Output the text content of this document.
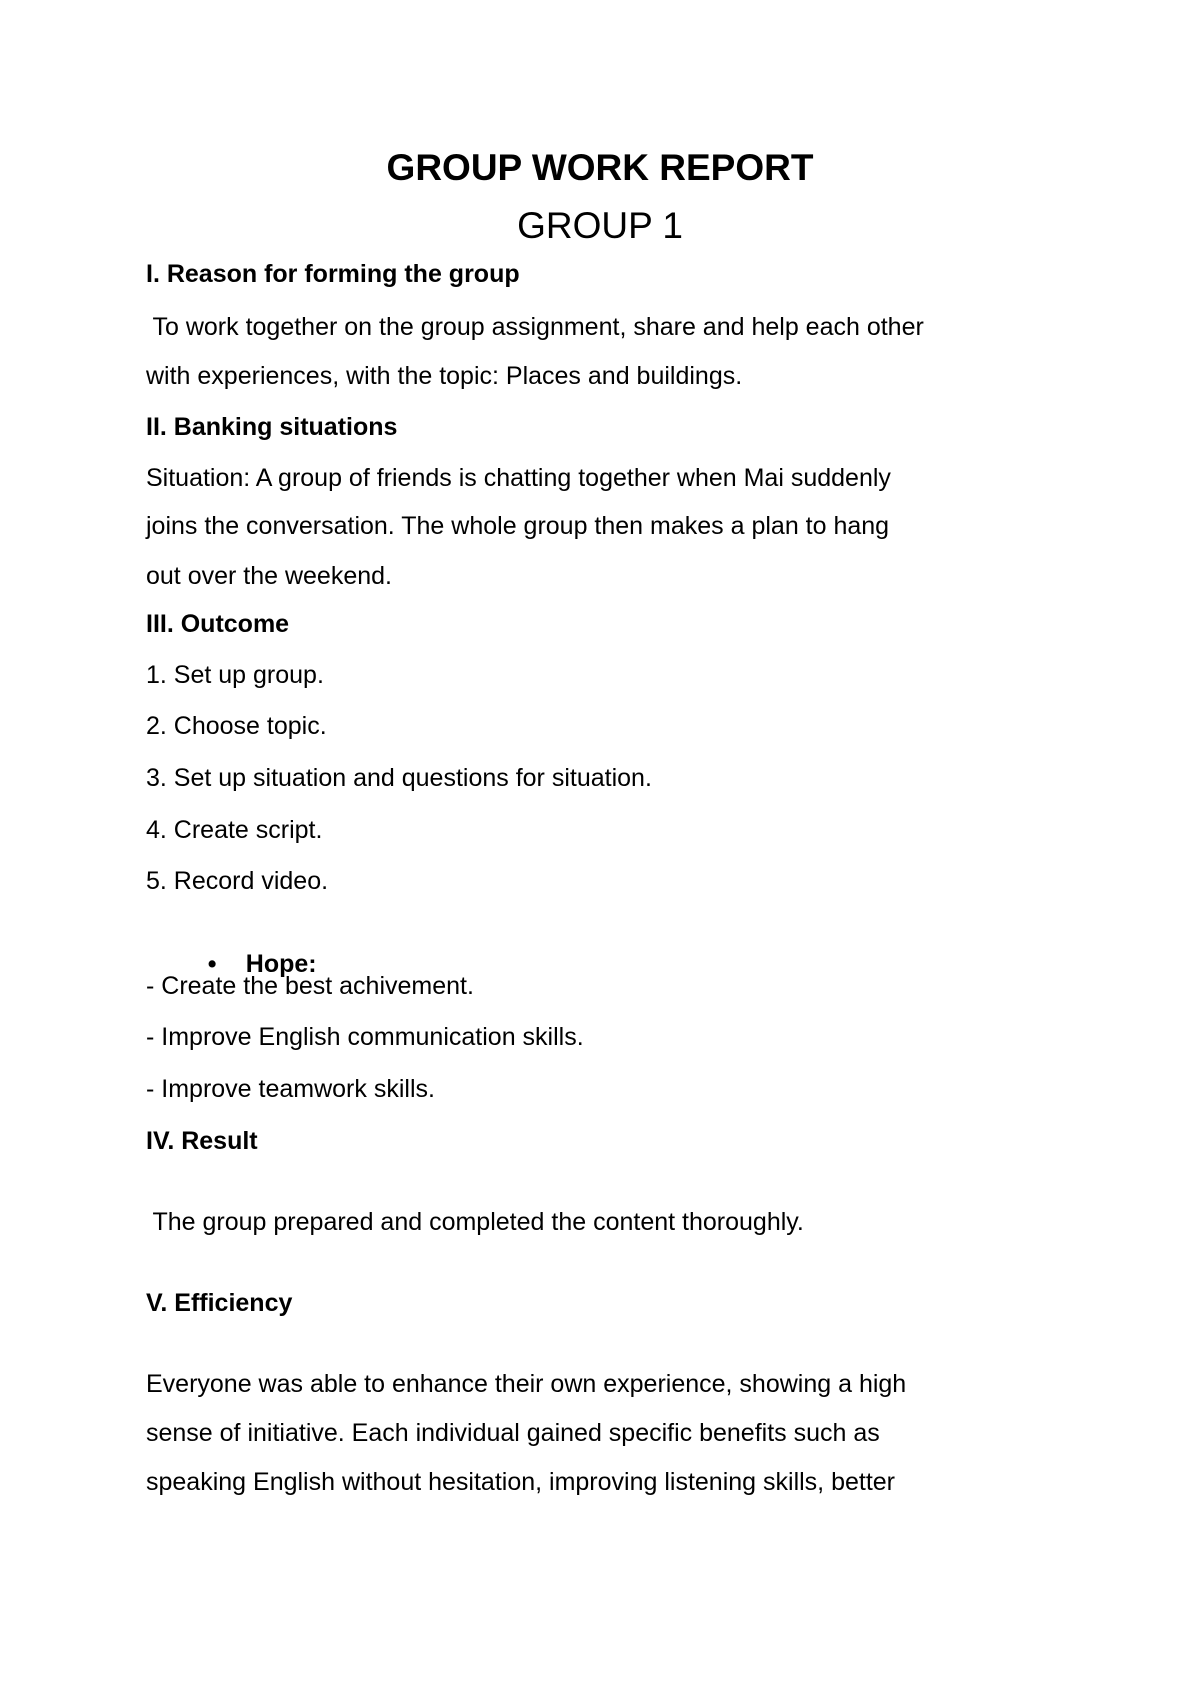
GROUP WORK REPORT
GROUP 1

I. Reason for forming the group

To work together on the group assignment, share and help each other

with experiences, with the topic: Places and buildings.

II. Banking situations

Situation: A group of friends is chatting together when Mai suddenly

joins the conversation. The whole group then makes a plan to hang

out over the weekend.

III. Outcome

1. Set up group.

2. Choose topic.

3. Set up situation and questions for situation.

4. Create script.

5. Record video.

• Hope:

- Create the best achivement.

- Improve English communication skills.

- Improve teamwork skills.

IV. Result

The group prepared and completed the content thoroughly.

V. Efficiency

Everyone was able to enhance their own experience, showing a high

sense of initiative. Each individual gained specific benefits such as

speaking English without hesitation, improving listening skills, better
